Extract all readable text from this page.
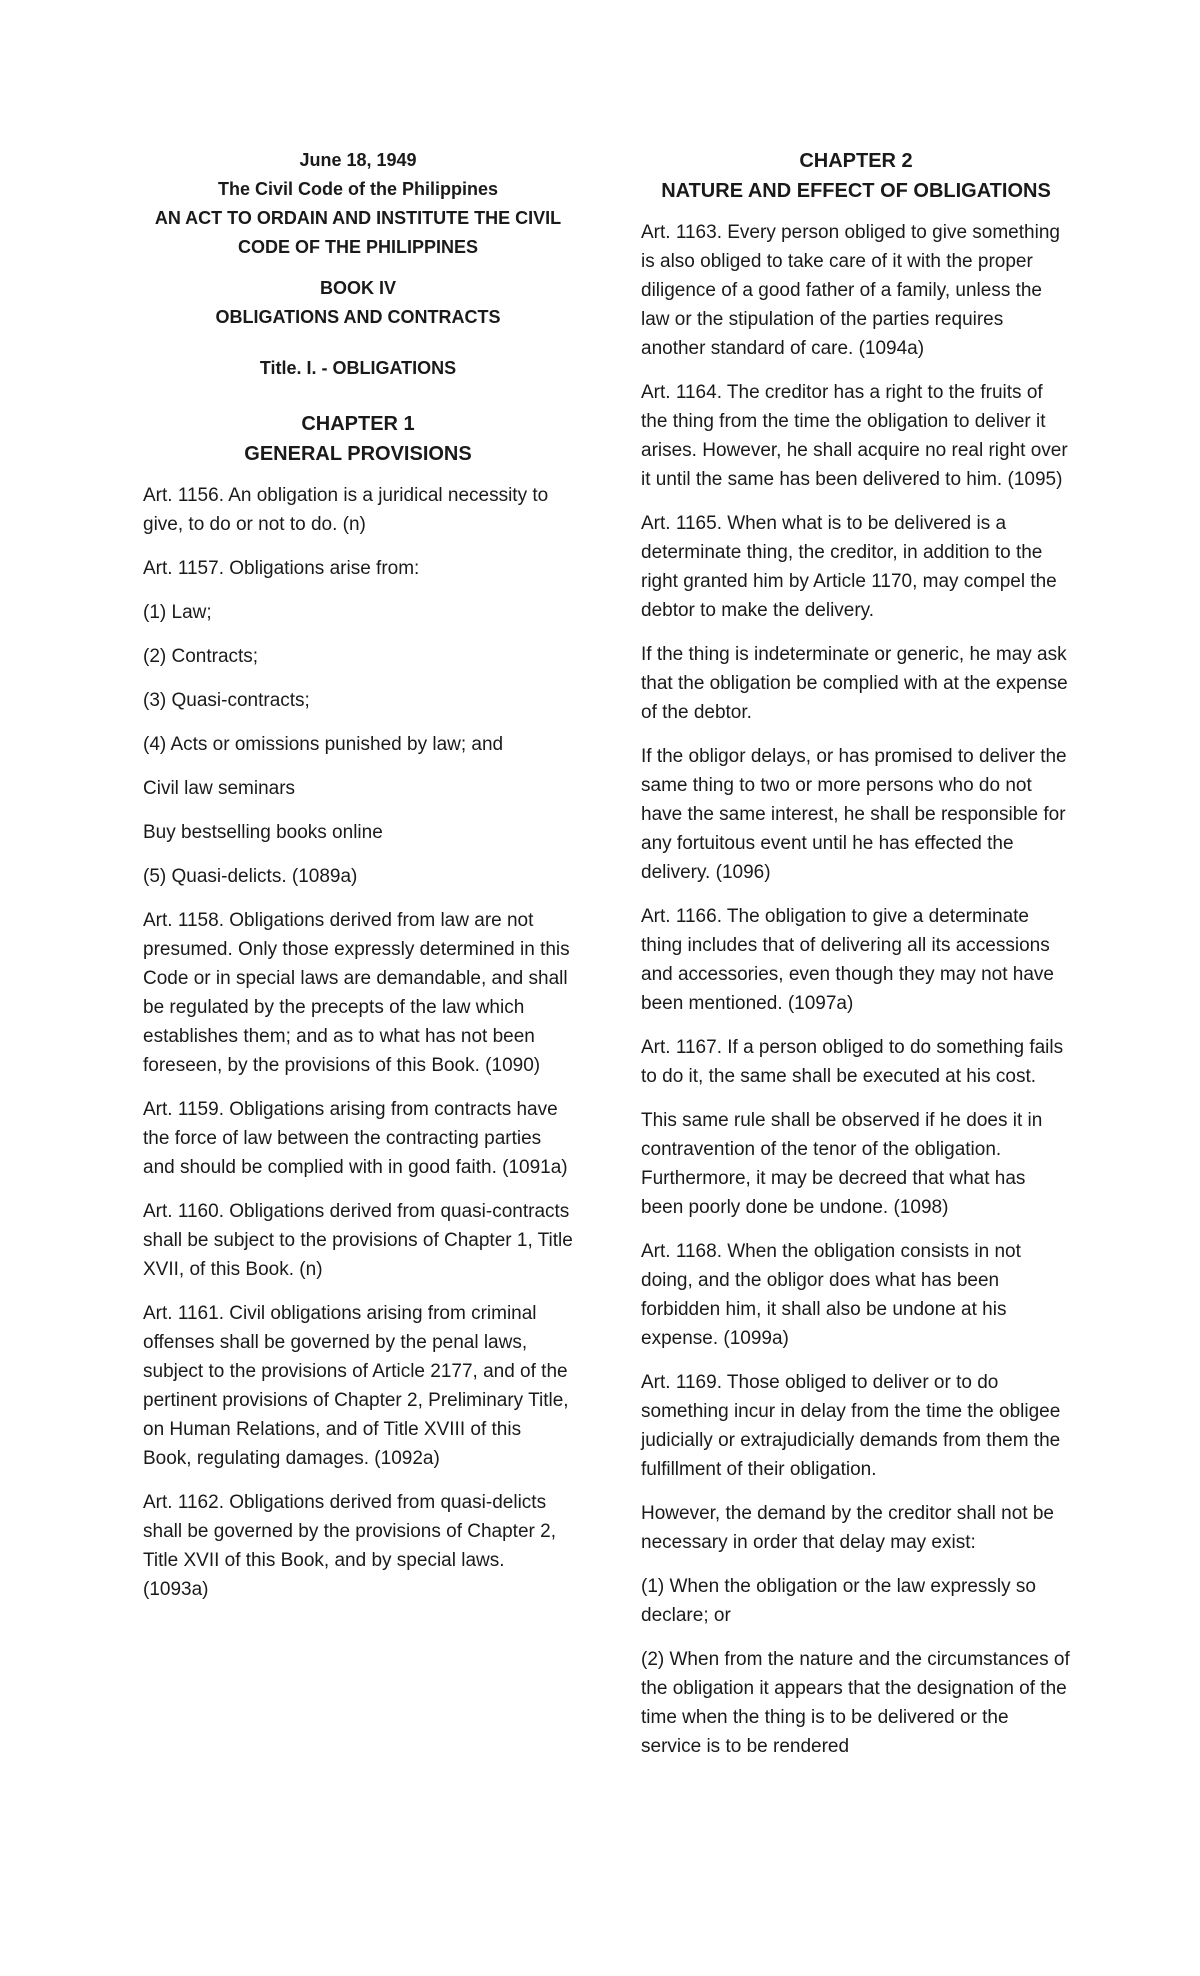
June 18, 1949

The Civil Code of the Philippines

AN ACT TO ORDAIN AND INSTITUTE THE CIVIL

CODE OF THE PHILIPPINES

BOOK IV

OBLIGATIONS AND CONTRACTS

Title. I. - OBLIGATIONS

CHAPTER 1

GENERAL PROVISIONS

Art. 1156. An obligation is a juridical necessity to give, to do or not to do. (n)

Art. 1157. Obligations arise from:

(1) Law;

(2) Contracts;

(3) Quasi-contracts;

(4) Acts or omissions punished by law; and

Civil law seminars

Buy bestselling books online

(5) Quasi-delicts. (1089a)

Art. 1158. Obligations derived from law are not presumed. Only those expressly determined in this Code or in special laws are demandable, and shall be regulated by the precepts of the law which establishes them; and as to what has not been foreseen, by the provisions of this Book. (1090)

Art. 1159. Obligations arising from contracts have the force of law between the contracting parties and should be complied with in good faith. (1091a)

Art. 1160. Obligations derived from quasi-contracts shall be subject to the provisions of Chapter 1, Title XVII, of this Book. (n)

Art. 1161. Civil obligations arising from criminal offenses shall be governed by the penal laws, subject to the provisions of Article 2177, and of the pertinent provisions of Chapter 2, Preliminary Title, on Human Relations, and of Title XVIII of this Book, regulating damages. (1092a)

Art. 1162. Obligations derived from quasi-delicts shall be governed by the provisions of Chapter 2, Title XVII of this Book, and by special laws. (1093a)

CHAPTER 2

NATURE AND EFFECT OF OBLIGATIONS

Art. 1163. Every person obliged to give something is also obliged to take care of it with the proper diligence of a good father of a family, unless the law or the stipulation of the parties requires another standard of care. (1094a)

Art. 1164. The creditor has a right to the fruits of the thing from the time the obligation to deliver it arises. However, he shall acquire no real right over it until the same has been delivered to him. (1095)

Art. 1165. When what is to be delivered is a determinate thing, the creditor, in addition to the right granted him by Article 1170, may compel the debtor to make the delivery.

If the thing is indeterminate or generic, he may ask that the obligation be complied with at the expense of the debtor.

If the obligor delays, or has promised to deliver the same thing to two or more persons who do not have the same interest, he shall be responsible for any fortuitous event until he has effected the delivery. (1096)

Art. 1166. The obligation to give a determinate thing includes that of delivering all its accessions and accessories, even though they may not have been mentioned. (1097a)

Art. 1167. If a person obliged to do something fails to do it, the same shall be executed at his cost.

This same rule shall be observed if he does it in contravention of the tenor of the obligation. Furthermore, it may be decreed that what has been poorly done be undone. (1098)

Art. 1168. When the obligation consists in not doing, and the obligor does what has been forbidden him, it shall also be undone at his expense. (1099a)

Art. 1169. Those obliged to deliver or to do something incur in delay from the time the obligee judicially or extrajudicially demands from them the fulfillment of their obligation.

However, the demand by the creditor shall not be necessary in order that delay may exist:

(1) When the obligation or the law expressly so declare; or

(2) When from the nature and the circumstances of the obligation it appears that the designation of the time when the thing is to be delivered or the service is to be rendered
